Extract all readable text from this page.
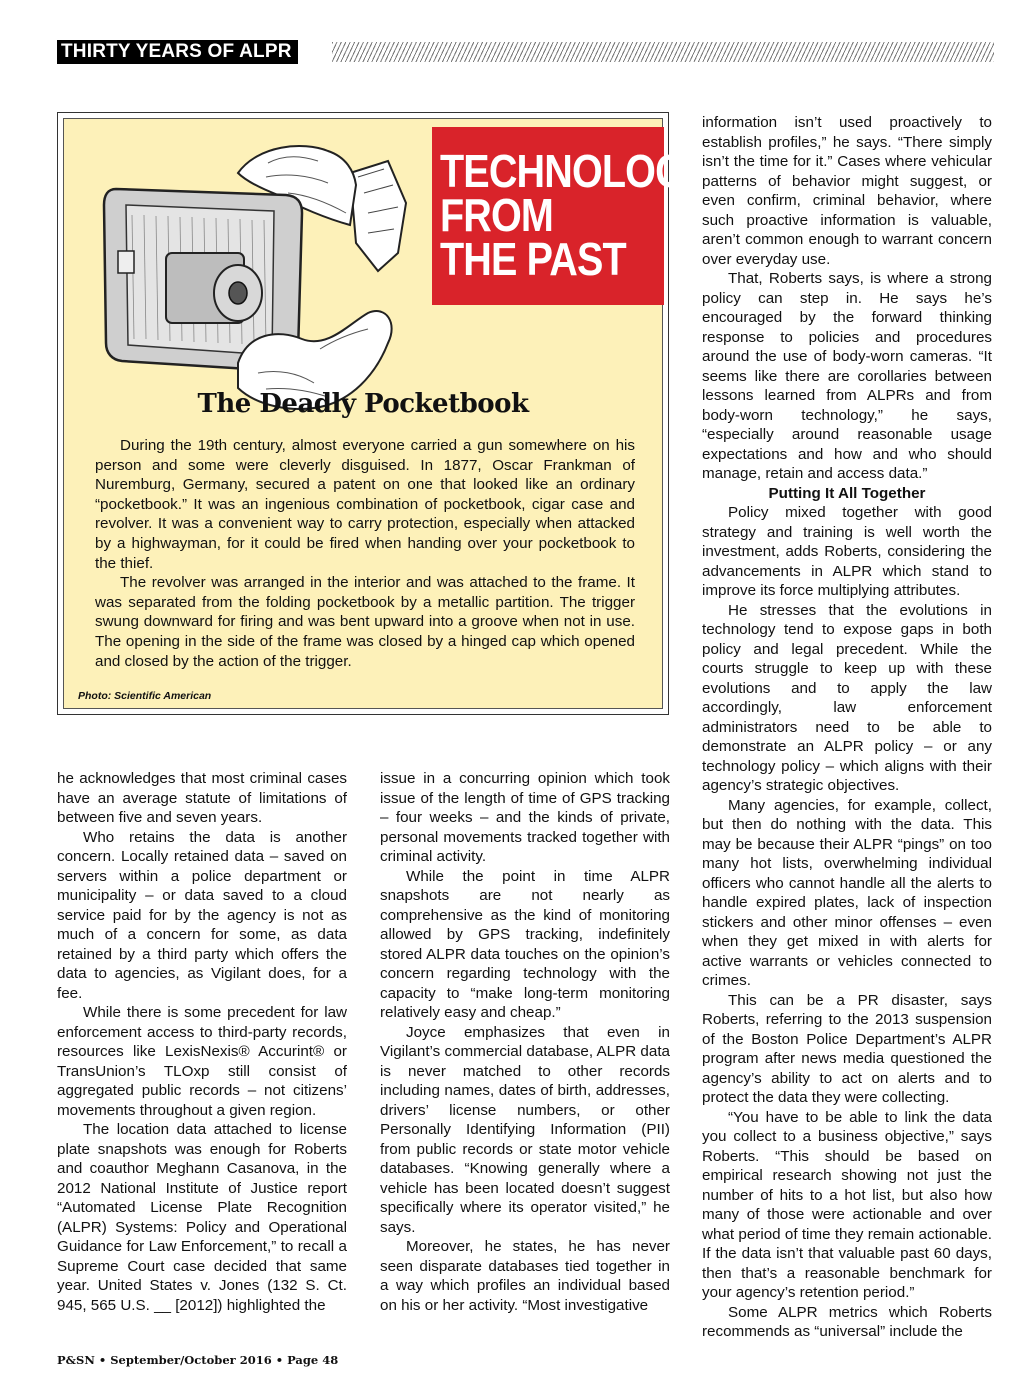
THIRTY YEARS OF ALPR
TECHNOLOGY
FROM
THE PAST
The Deadly Pocketbook

During the 19th century, almost everyone carried a gun somewhere on his person and some were cleverly disguised. In 1877, Oscar Frankman of Nuremburg, Germany, secured a patent on one that looked like an ordinary “pocketbook.” It was an ingenious combination of pocketbook, cigar case and revolver. It was a convenient way to carry protection, especially when attacked by a highwayman, for it could be fired when handing over your pocketbook to the thief.

The revolver was arranged in the interior and was attached to the frame. It was separated from the folding pocketbook by a metallic partition. The trigger swung downward for firing and was bent upward into a groove when not in use. The opening in the side of the frame was closed by a hinged cap which opened and closed by the action of the trigger.

Photo: Scientific American

he acknowledges that most criminal cases have an average statute of limitations of between five and seven years.

Who retains the data is another concern. Locally retained data – saved on servers within a police department or municipality – or data saved to a cloud service paid for by the agency is not as much of a concern for some, as data retained by a third party which offers the data to agencies, as Vigilant does, for a fee.

While there is some precedent for law enforcement access to third-party records, resources like LexisNexis® Accurint® or TransUnion’s TLOxp still consist of aggregated public records – not citizens’ movements throughout a given region.

The location data attached to license plate snapshots was enough for Roberts and coauthor Meghann Casanova, in the 2012 National Institute of Justice report “Automated License Plate Recognition (ALPR) Systems: Policy and Operational Guidance for Law Enforcement,” to recall a Supreme Court case decided that same year. United States v. Jones (132 S. Ct. 945, 565 U.S. __ [2012]) highlighted the

issue in a concurring opinion which took issue of the length of time of GPS tracking – four weeks – and the kinds of private, personal movements tracked together with criminal activity.

While the point in time ALPR snapshots are not nearly as comprehensive as the kind of monitoring allowed by GPS tracking, indefinitely stored ALPR data touches on the opinion’s concern regarding technology with the capacity to “make long-term monitoring relatively easy and cheap.”

Joyce emphasizes that even in Vigilant’s commercial database, ALPR data is never matched to other records including names, dates of birth, addresses, drivers’ license numbers, or other Personally Identifying Information (PII) from public records or state motor vehicle databases. “Knowing generally where a vehicle has been located doesn’t suggest specifically where its operator visited,” he says.

Moreover, he states, he has never seen disparate databases tied together in a way which profiles an individual based on his or her activity. “Most investigative

information isn’t used proactively to establish profiles,” he says. “There simply isn’t the time for it.” Cases where vehicular patterns of behavior might suggest, or even confirm, criminal behavior, where such proactive information is valuable, aren’t common enough to warrant concern over everyday use.

That, Roberts says, is where a strong policy can step in. He says he’s encouraged by the forward thinking response to policies and procedures around the use of body-worn cameras. “It seems like there are corollaries between lessons learned from ALPRs and from body-worn technology,” he says, “especially around reasonable usage expectations and how and who should manage, retain and access data.”

Putting It All Together

Policy mixed together with good strategy and training is well worth the investment, adds Roberts, considering the advancements in ALPR which stand to improve its force multiplying attributes.

He stresses that the evolutions in technology tend to expose gaps in both policy and legal precedent. While the courts struggle to keep up with these evolutions and to apply the law accordingly, law enforcement administrators need to be able to demonstrate an ALPR policy – or any technology policy – which aligns with their agency’s strategic objectives.

Many agencies, for example, collect, but then do nothing with the data. This may be because their ALPR “pings” on too many hot lists, overwhelming individual officers who cannot handle all the alerts to handle expired plates, lack of inspection stickers and other minor offenses – even when they get mixed in with alerts for active warrants or vehicles connected to crimes.

This can be a PR disaster, says Roberts, referring to the 2013 suspension of the Boston Police Department’s ALPR program after news media questioned the agency’s ability to act on alerts and to protect the data they were collecting.

“You have to be able to link the data you collect to a business objective,” says Roberts. “This should be based on empirical research showing not just the number of hits to a hot list, but also how many of those were actionable and over what period of time they remain actionable. If the data isn’t that valuable past 60 days, then that’s a reasonable benchmark for your agency’s retention period.”

Some ALPR metrics which Roberts recommends as “universal” include the

P&SN • September/October 2016 • Page 48
